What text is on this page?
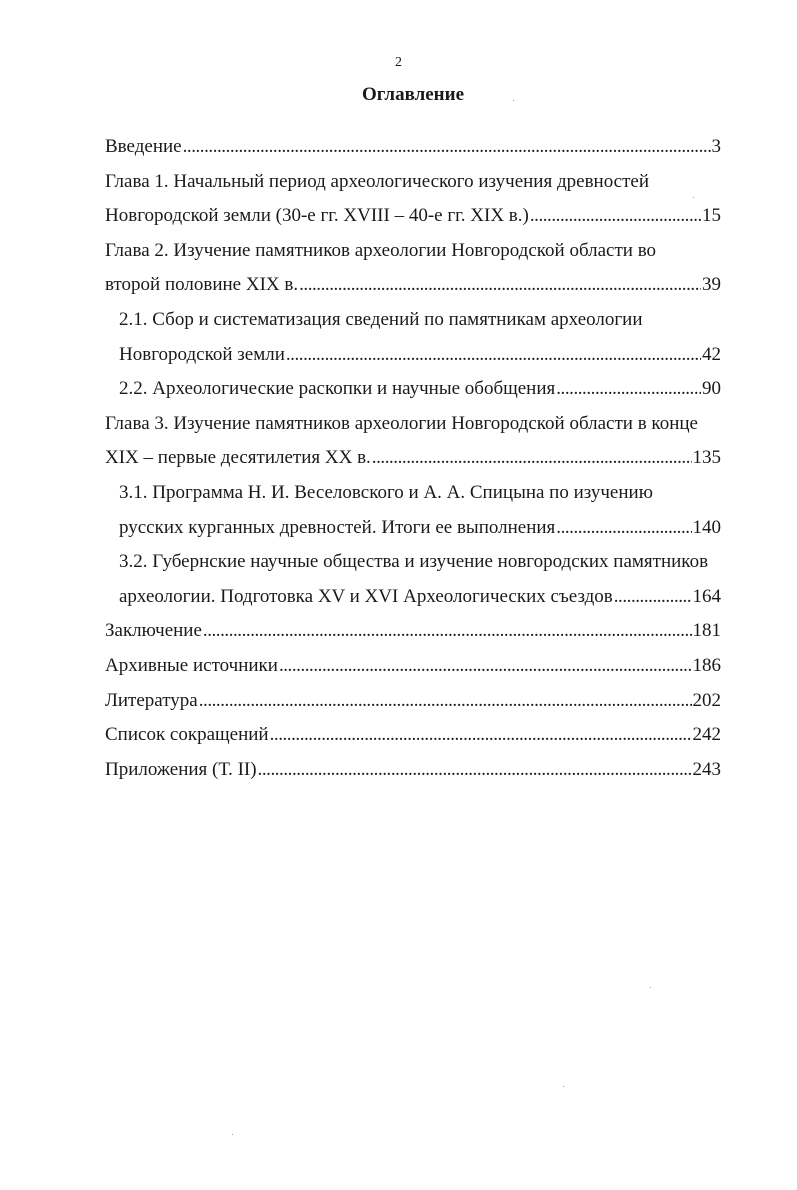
2
Оглавление
Введение . . .	3
Глава 1. Начальный период археологического изучения древностей
Новгородской земли (30-е гг. XVIII – 40-е гг. XIX в.) . . .	15
Глава 2. Изучение памятников археологии Новгородской области во
второй половине XIX в. . . .	39
2.1. Сбор и систематизация сведений по памятникам археологии
Новгородской земли . . .	42
2.2. Археологические раскопки и научные обобщения . . .	90
Глава 3. Изучение памятников археологии Новгородской области в конце
XIX – первые десятилетия XX в. . . .	135
3.1. Программа Н. И. Веселовского и А. А. Спицына по изучению
русских курганных древностей. Итоги ее выполнения . . .	140
3.2. Губернские научные общества и изучение новгородских памятников
археологии. Подготовка XV и XVI Археологических съездов . . .	164
Заключение . . .	181
Архивные источники . . .	186
Литература . . .	202
Список сокращений . . .	242
Приложения (Т. II) . . .	243
